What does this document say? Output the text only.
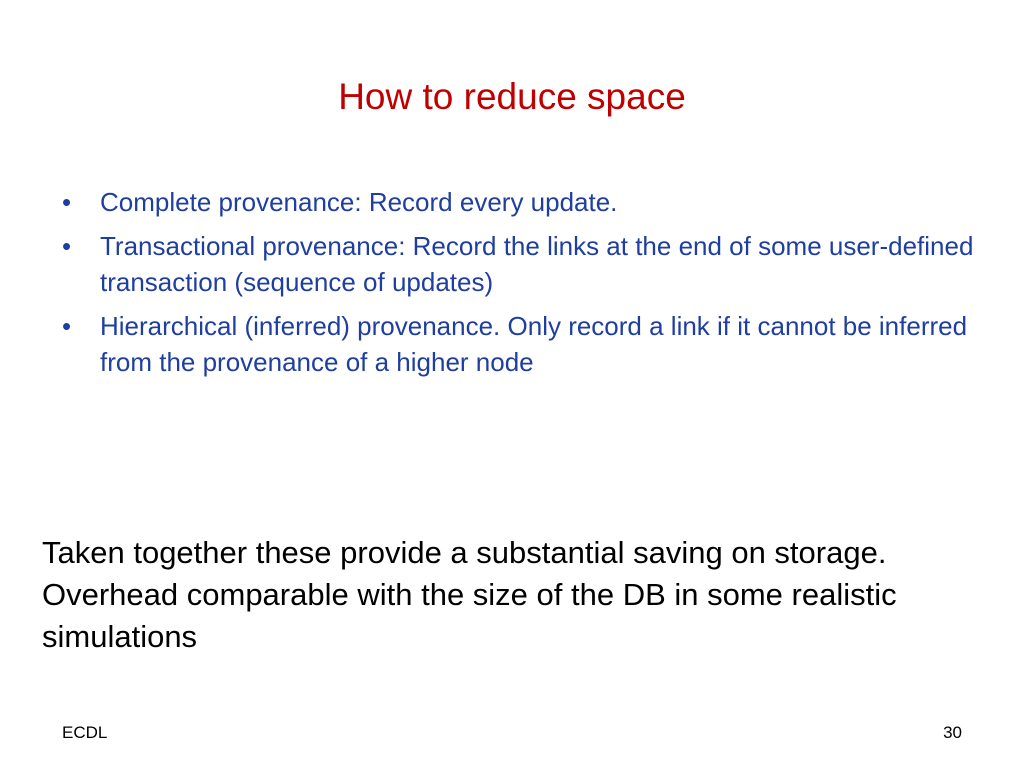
How to reduce space
• Complete provenance: Record every update.
• Transactional provenance: Record the links at the end of some user-defined transaction (sequence of updates)
• Hierarchical (inferred) provenance. Only record a link if it cannot be inferred from the provenance of a higher node
Taken together these provide a substantial saving on storage. Overhead comparable with the size of the DB in some realistic simulations
ECDL	30
